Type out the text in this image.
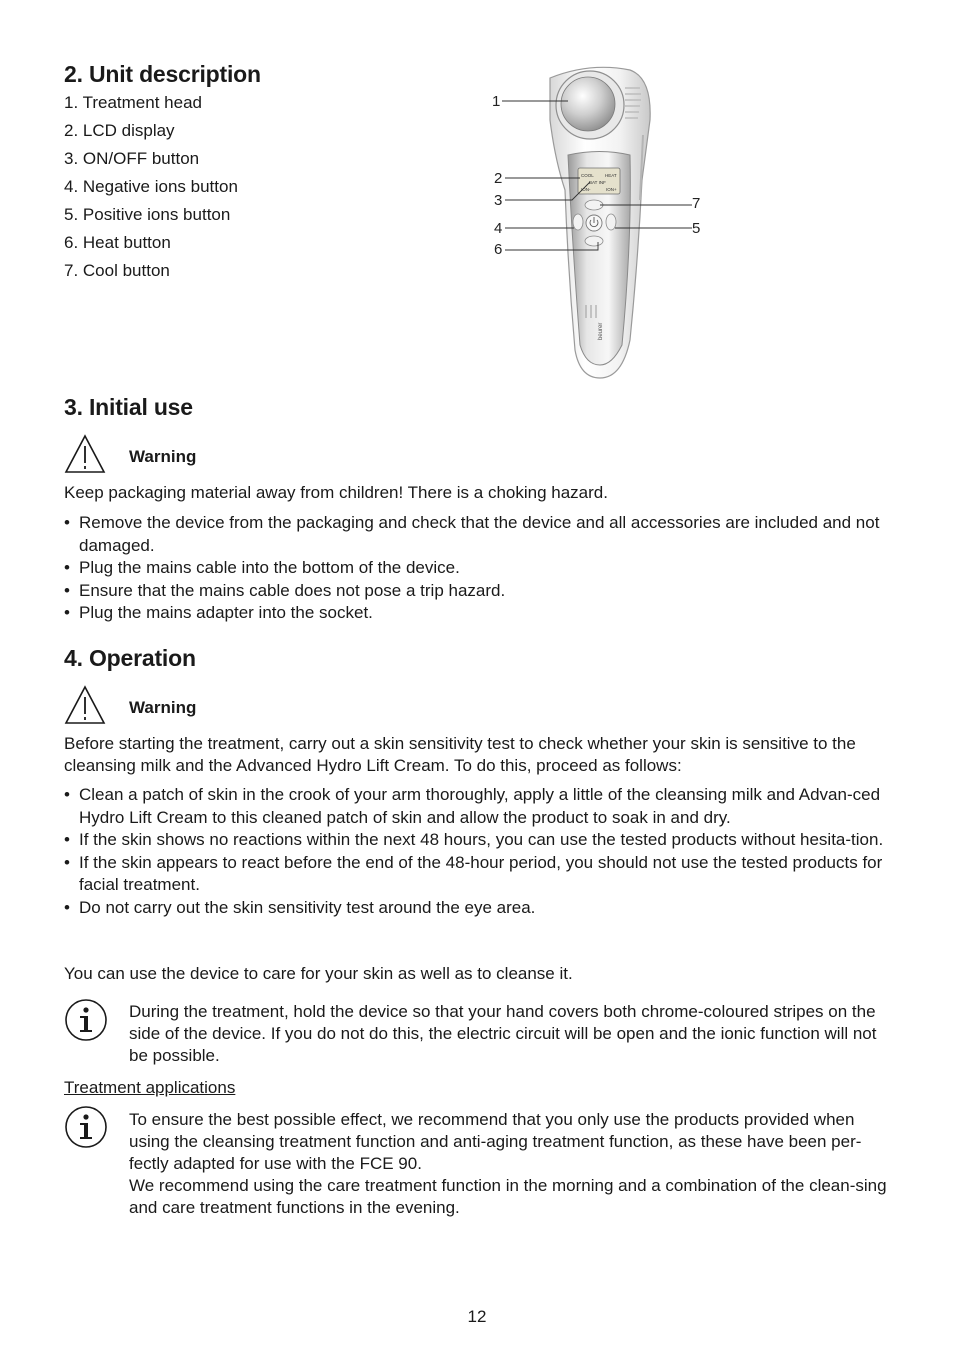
2. Unit description
1. Treatment head
2. LCD display
3. ON/OFF button
4. Negative ions button
5. Positive ions button
6. Heat button
7. Cool button
COOL HEAT
BAT INF
ION-	ION+
beurer
1
2
3
4
6
7
5
3. Initial use
Warning
Keep packaging material away from children! There is a choking hazard.
• Remove the device from the packaging and check that the device and all accessories are included and not damaged.
• Plug the mains cable into the bottom of the device.
• Ensure that the mains cable does not pose a trip hazard.
• Plug the mains adapter into the socket.
4. Operation
Warning
Before starting the treatment, carry out a skin sensitivity test to check whether your skin is sensitive to the cleansing milk and the Advanced Hydro Lift Cream. To do this, proceed as follows:
• Clean a patch of skin in the crook of your arm thoroughly, apply a little of the cleansing milk and Advan-ced Hydro Lift Cream to this cleaned patch of skin and allow the product to soak in and dry.
• If the skin shows no reactions within the next 48 hours, you can use the tested products without hesita-tion.
• If the skin appears to react before the end of the 48-hour period, you should not use the tested products for facial treatment.
• Do not carry out the skin sensitivity test around the eye area.
You can use the device to care for your skin as well as to cleanse it.
During the treatment, hold the device so that your hand covers both chrome-coloured stripes on the side of the device. If you do not do this, the electric circuit will be open and the ionic function will not be possible.
Treatment applications
To ensure the best possible effect, we recommend that you only use the products provided when using the cleansing treatment function and anti-aging treatment function, as these have been per-fectly adapted for use with the FCE 90.
We recommend using the care treatment function in the morning and a combination of the clean-sing and care treatment functions in the evening.
12
